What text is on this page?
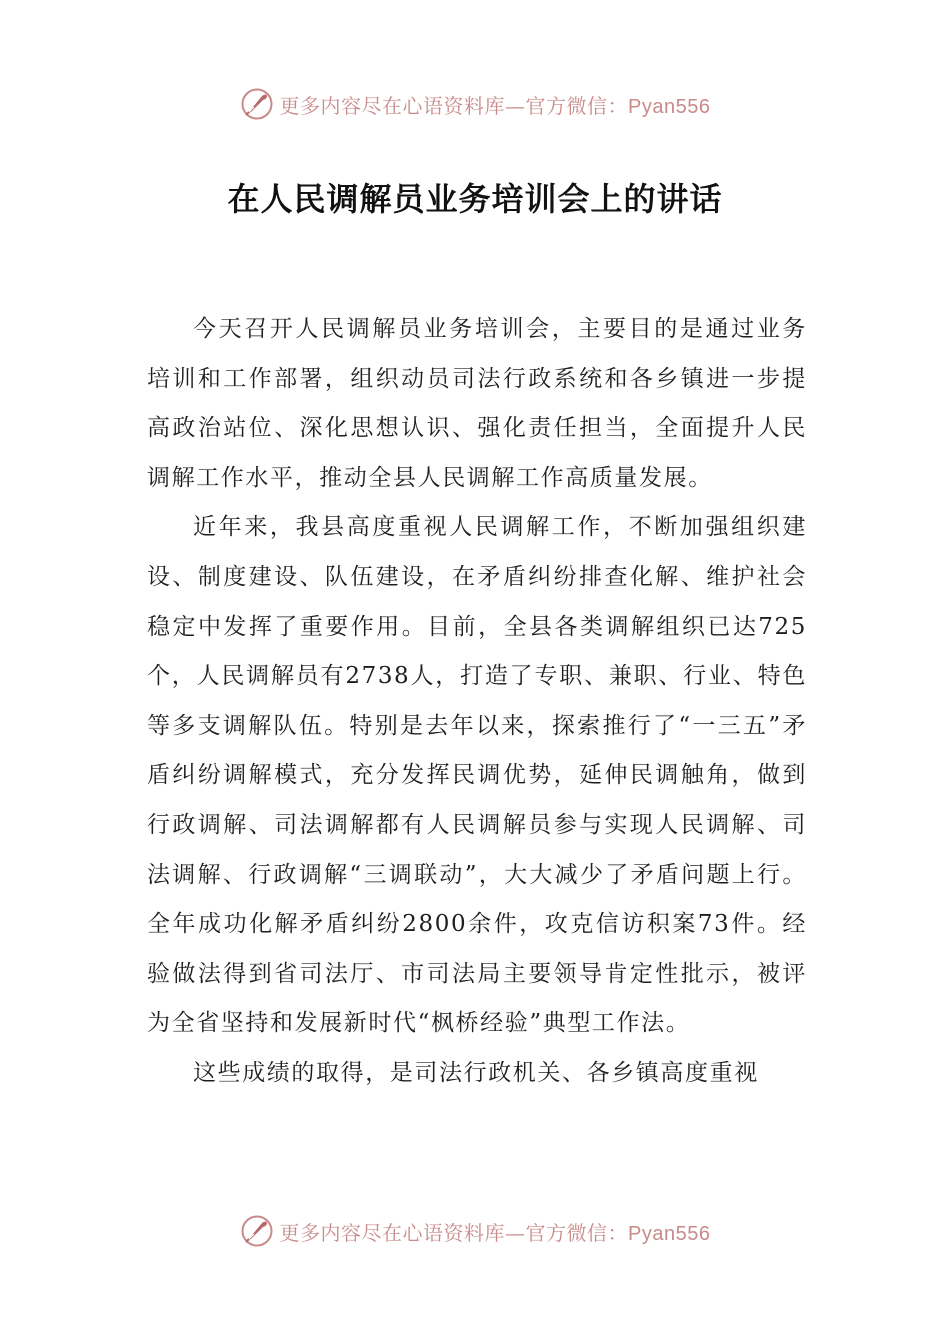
更多内容尽在心语资料库—官方微信：Pyan556
在人民调解员业务培训会上的讲话

今天召开人民调解员业务培训会，主要目的是通过业务培训和工作部署，组织动员司法行政系统和各乡镇进一步提高政治站位、深化思想认识、强化责任担当，全面提升人民调解工作水平，推动全县人民调解工作高质量发展。

近年来，我县高度重视人民调解工作，不断加强组织建设、制度建设、队伍建设，在矛盾纠纷排查化解、维护社会稳定中发挥了重要作用。目前，全县各类调解组织已达725个，人民调解员有2738人，打造了专职、兼职、行业、特色等多支调解队伍。特别是去年以来，探索推行了“一三五”矛盾纠纷调解模式，充分发挥民调优势，延伸民调触角，做到行政调解、司法调解都有人民调解员参与实现人民调解、司法调解、行政调解“三调联动”，大大减少了矛盾问题上行。全年成功化解矛盾纠纷2800余件，攻克信访积案73件。经验做法得到省司法厅、市司法局主要领导肯定性批示，被评为全省坚持和发展新时代“枫桥经验”典型工作法。

这些成绩的取得，是司法行政机关、各乡镇高度重视

更多内容尽在心语资料库—官方微信：Pyan556
